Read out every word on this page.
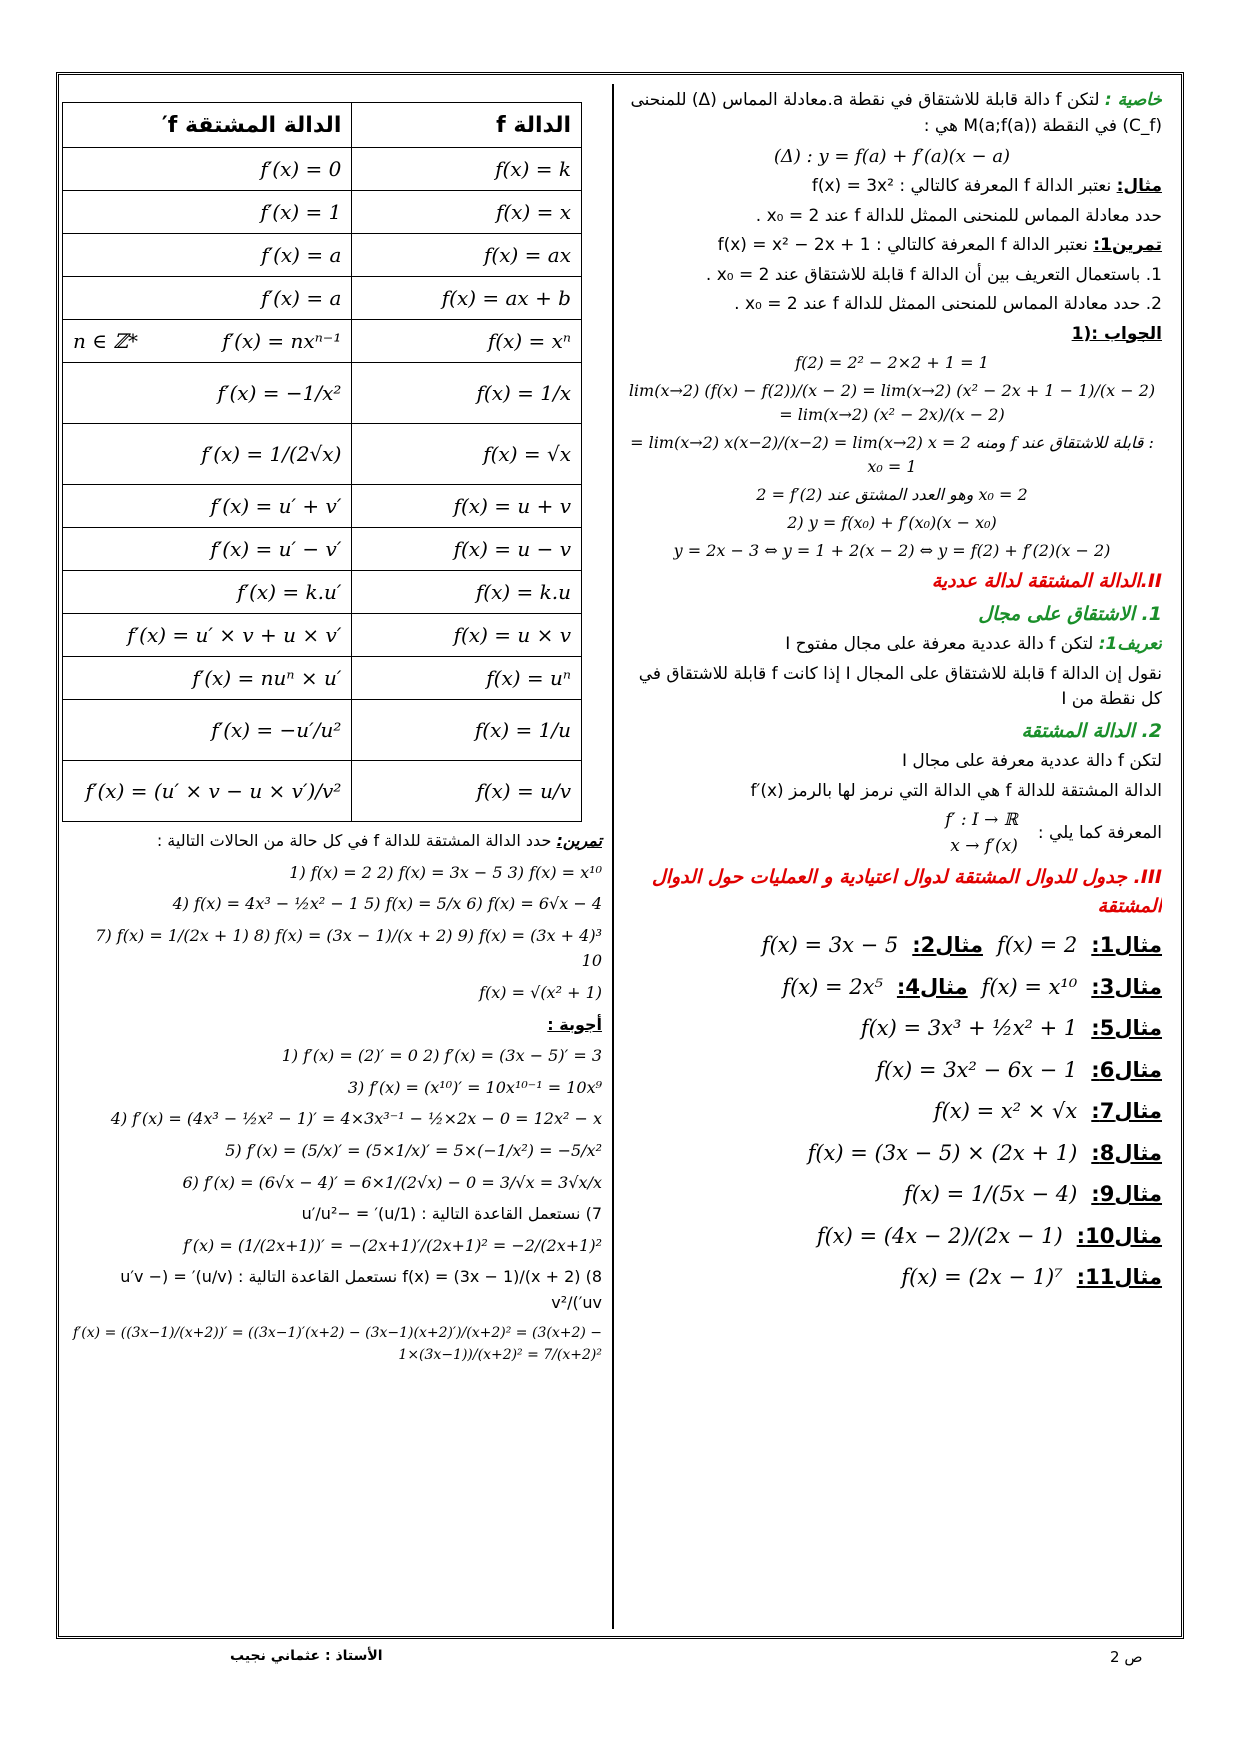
خاصية : لتكن f دالة قابلة للاشتقاق في نقطة a.معادلة المماس (Δ) للمنحنى (C_f) في النقطة M(a;f(a)) هي :
(Δ) : y = f(a) + f′(a)(x − a)
مثال: نعتبر الدالة f المعرفة كالتالي : f(x) = 3x²
حدد معادلة المماس للمنحنى الممثل للدالة f عند x₀ = 2 .
تمرين1: نعتبر الدالة f المعرفة كالتالي : f(x) = x² − 2x + 1
1. باستعمال التعريف بين أن الدالة f قابلة للاشتقاق عند x₀ = 2 .
2. حدد معادلة المماس للمنحنى الممثل للدالة f عند x₀ = 2 .
الجواب :(1
f(2) = 2² − 2×2 + 1 = 1
lim(x→2) (f(x) − f(2))/(x − 2) = lim(x→2) (x² − 2x + 1 − 1)/(x − 2) = lim(x→2) (x² − 2x)/(x − 2)
= lim(x→2) x(x−2)/(x−2) = lim(x→2) x = 2 ومنه f قابلة للاشتقاق عند : x₀ = 1
2 = f′(2) وهو العدد المشتق عند x₀ = 2
2) y = f(x₀) + f′(x₀)(x − x₀)
y = 2x − 3 ⇔ y = 1 + 2(x − 2) ⇔ y = f(2) + f′(2)(x − 2)
II.الدالة المشتقة لدالة عددية
1. الاشتقاق على مجال
تعريف1: لتكن f دالة عددية معرفة على مجال مفتوح I
نقول إن الدالة f قابلة للاشتقاق على المجال I إذا كانت f قابلة للاشتقاق في كل نقطة من I
2. الدالة المشتقة
لتكن f دالة عددية معرفة على مجال I
الدالة المشتقة للدالة f هي الدالة التي نرمز لها بالرمز f′(x)
المعرفة كما يلي :
f′ : I → ℝ
x → f′(x)
III. جدول للدوال المشتقة لدوال اعتيادية و العمليات حول الدوال المشتقة
مثال1:
f(x) = 2
مثال2:
f(x) = 3x − 5
مثال3:
f(x) = x¹⁰
مثال4:
f(x) = 2x⁵
مثال5:
f(x) = 3x³ + ½x² + 1
مثال6:
f(x) = 3x² − 6x − 1
مثال7:
f(x) = x² × √x
مثال8:
f(x) = (3x − 5) × (2x + 1)
مثال9:
f(x) = 1/(5x − 4)
مثال10:
f(x) = (4x − 2)/(2x − 1)
مثال11:
f(x) = (2x − 1)⁷
الدالة المشتقة f′	الدالة f
f′(x) = 0	f(x) = k
f′(x) = 1	f(x) = x
f′(x) = a	f(x) = ax
f′(x) = a	f(x) = ax + b

n ∈ ℤ* f′(x) = nxⁿ⁻¹	f(x) = xⁿ
f′(x) = −1/x²	f(x) = 1/x
f′(x) = 1/(2√x)	f(x) = √x
f′(x) = u′ + v′	f(x) = u + v
f′(x) = u′ − v′	f(x) = u − v
f′(x) = k.u′	f(x) = k.u
f′(x) = u′ × v + u × v′	f(x) = u × v
f′(x) = nuⁿ × u′	f(x) = uⁿ
f′(x) = −u′/u²	f(x) = 1/u
f′(x) = (u′ × v − u × v′)/v²	f(x) = u/v
تمرين: حدد الدالة المشتقة للدالة f في كل حالة من الحالات التالية :
1) f(x) = 2 2) f(x) = 3x − 5 3) f(x) = x¹⁰
4) f(x) = 4x³ − ½x² − 1 5) f(x) = 5/x 6) f(x) = 6√x − 4
7) f(x) = 1/(2x + 1) 8) f(x) = (3x − 1)/(x + 2) 9) f(x) = (3x + 4)³ 10
f(x) = √(x² + 1)
أجوبة :
1) f′(x) = (2)′ = 0 2) f′(x) = (3x − 5)′ = 3
3) f′(x) = (x¹⁰)′ = 10x¹⁰⁻¹ = 10x⁹
4) f′(x) = (4x³ − ½x² − 1)′ = 4×3x³⁻¹ − ½×2x − 0 = 12x² − x
5) f′(x) = (5/x)′ = (5×1/x)′ = 5×(−1/x²) = −5/x²
6) f′(x) = (6√x − 4)′ = 6×1/(2√x) − 0 = 3/√x = 3√x/x
7) نستعمل القاعدة التالية : (1/u)′ = −u′/u²
f′(x) = (1/(2x+1))′ = −(2x+1)′/(2x+1)² = −2/(2x+1)²
8) f(x) = (3x − 1)/(x + 2) نستعمل القاعدة التالية : (u/v)′ = (u′v − uv′)/v²
f′(x) = ((3x−1)/(x+2))′ = ((3x−1)′(x+2) − (3x−1)(x+2)′)/(x+2)² = (3(x+2) − 1×(3x−1))/(x+2)² = 7/(x+2)²
الأستاذ : عثماني نجيب	ص 2
